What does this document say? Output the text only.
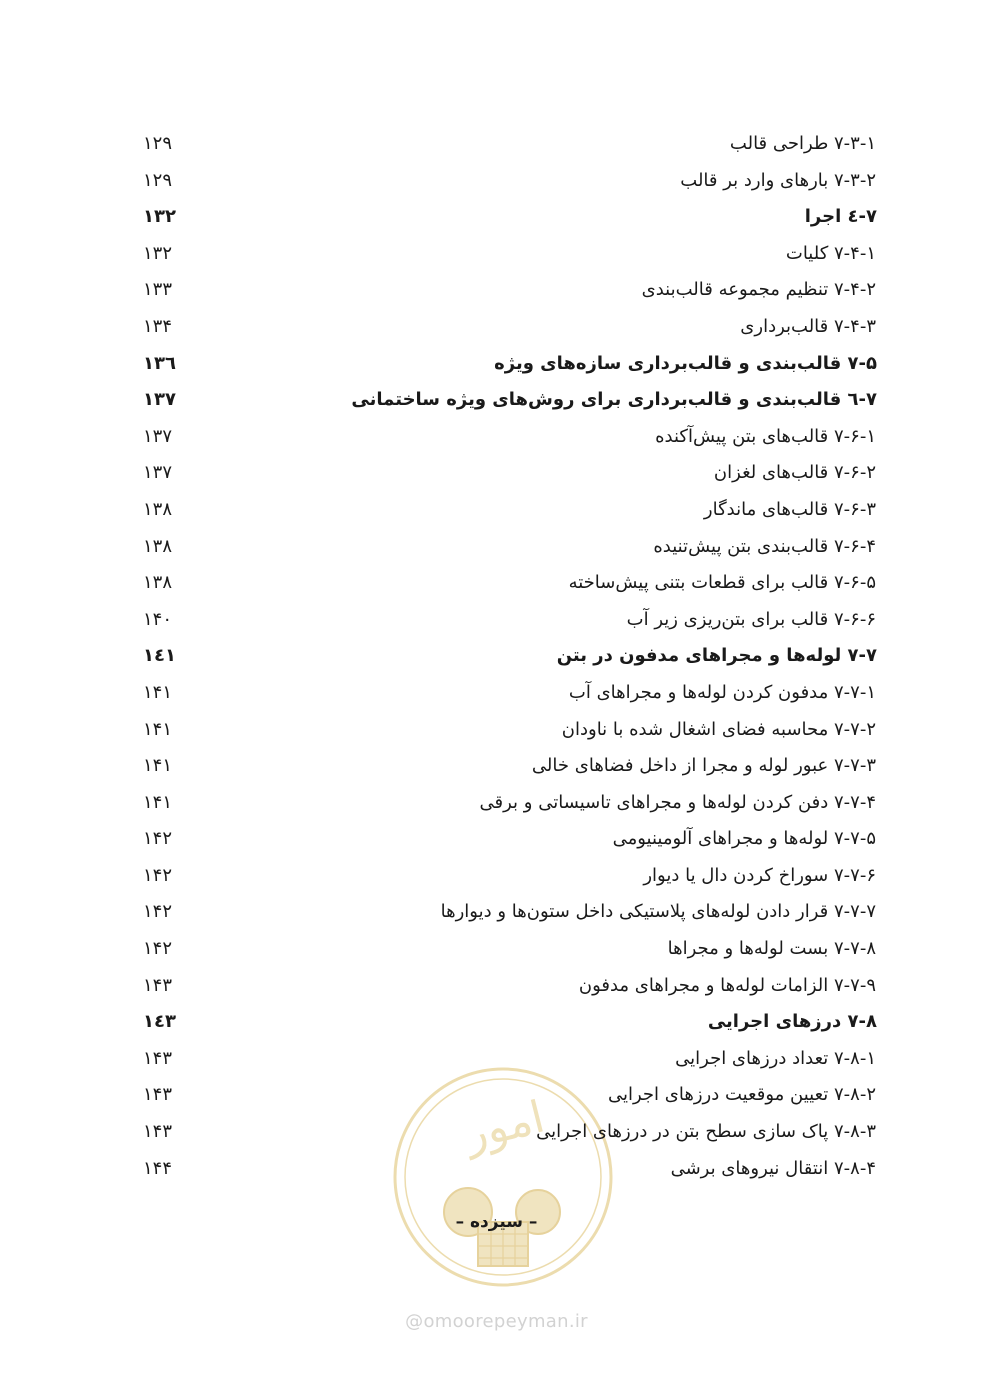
امور
۷-۳-۱ طراحی قالب
۱۲۹
۷-۳-۲ بارهای وارد بر قالب
۱۲۹
۷-٤ اجرا
۱۳۲
۷-۴-۱ کلیات
۱۳۲
۷-۴-۲ تنظیم مجموعه قالب‌بندی
۱۳۳
۷-۴-۳ قالب‌برداری
۱۳۴
۷-۵ قالب‌بندی و قالب‌برداری سازه‌های ویژه
۱۳٦
۷-٦ قالب‌بندی و قالب‌برداری برای روش‌های ویژه ساختمانی
۱۳۷
۷-۶-۱ قالب‌های بتن پیش‌آکنده
۱۳۷
۷-۶-۲ قالب‌های لغزان
۱۳۷
۷-۶-۳ قالب‌های ماندگار
۱۳۸
۷-۶-۴ قالب‌بندی بتن پیش‌تنیده
۱۳۸
۷-۶-۵ قالب برای قطعات بتنی پیش‌ساخته
۱۳۸
۷-۶-۶ قالب برای بتن‌ریزی زیر آب
۱۴۰
۷-۷ لوله‌ها و مجراهای مدفون در بتن
۱٤۱
۷-۷-۱ مدفون کردن لوله‌ها و مجراهای آب
۱۴۱
۷-۷-۲ محاسبه فضای اشغال شده با ناودان
۱۴۱
۷-۷-۳ عبور لوله و مجرا از داخل فضاهای خالی
۱۴۱
۷-۷-۴ دفن کردن لوله‌ها و مجراهای تاسیساتی و برقی
۱۴۱
۷-۷-۵ لوله‌ها و مجراهای آلومینیومی
۱۴۲
۷-۷-۶ سوراخ کردن دال یا دیوار
۱۴۲
۷-۷-۷ قرار دادن لوله‌های پلاستیکی داخل ستون‌ها و دیوارها
۱۴۲
۷-۷-۸ بست لوله‌ها و مجراها
۱۴۲
۷-۷-۹ الزامات لوله‌ها و مجراهای مدفون
۱۴۳
۷-۸ درزهای اجرایی
۱٤۳
۷-۸-۱ تعداد درزهای اجرایی
۱۴۳
۷-۸-۲ تعیین موقعیت درزهای اجرایی
۱۴۳
۷-۸-۳ پاک سازی سطح بتن در درزهای اجرایی
۱۴۳
۷-۸-۴ انتقال نیروهای برشی
۱۴۴
– سیزده –
@omoorepeyman.ir
